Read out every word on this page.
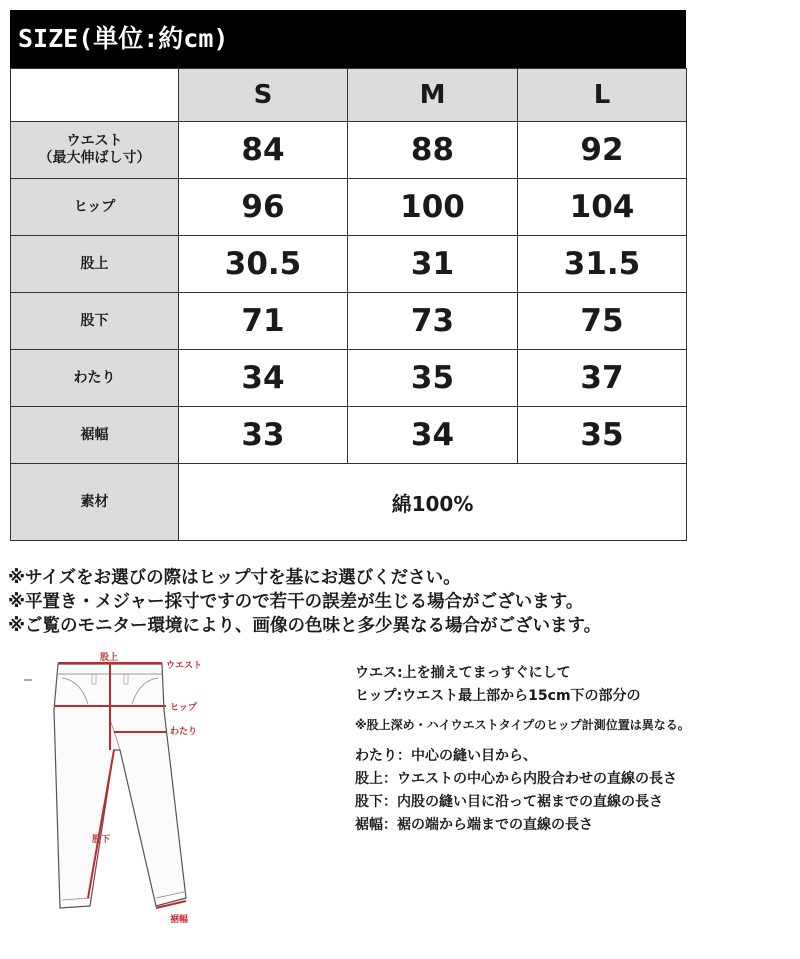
SIZE(単位:約cm)
	S	M	L

ウエスト
（最大伸ばし寸）	84	88	92
ヒップ	96	100	104
股上	30.5	31	31.5
股下	71	73	75
わたり	34	35	37
裾幅	33	34	35
素材	綿100%		
※サイズをお選びの際はヒップ寸を基にお選びください。
※平置き・メジャー採寸ですので若干の誤差が生じる場合がございます。
※ご覧のモニター環境により、画像の色味と多少異なる場合がございます。
股上
ウエスト
ヒップ
わたり
股下
裾幅
ウエス:上を揃えてまっすぐにして
ヒップ:ウエスト最上部から15cm下の部分の
※股上深め・ハイウエストタイプのヒップ計測位置は異なる。
わたり：中心の縫い目から、
股上：ウエストの中心から内股合わせの直線の長さ
股下：内股の縫い目に沿って裾までの直線の長さ
裾幅：裾の端から端までの直線の長さ
